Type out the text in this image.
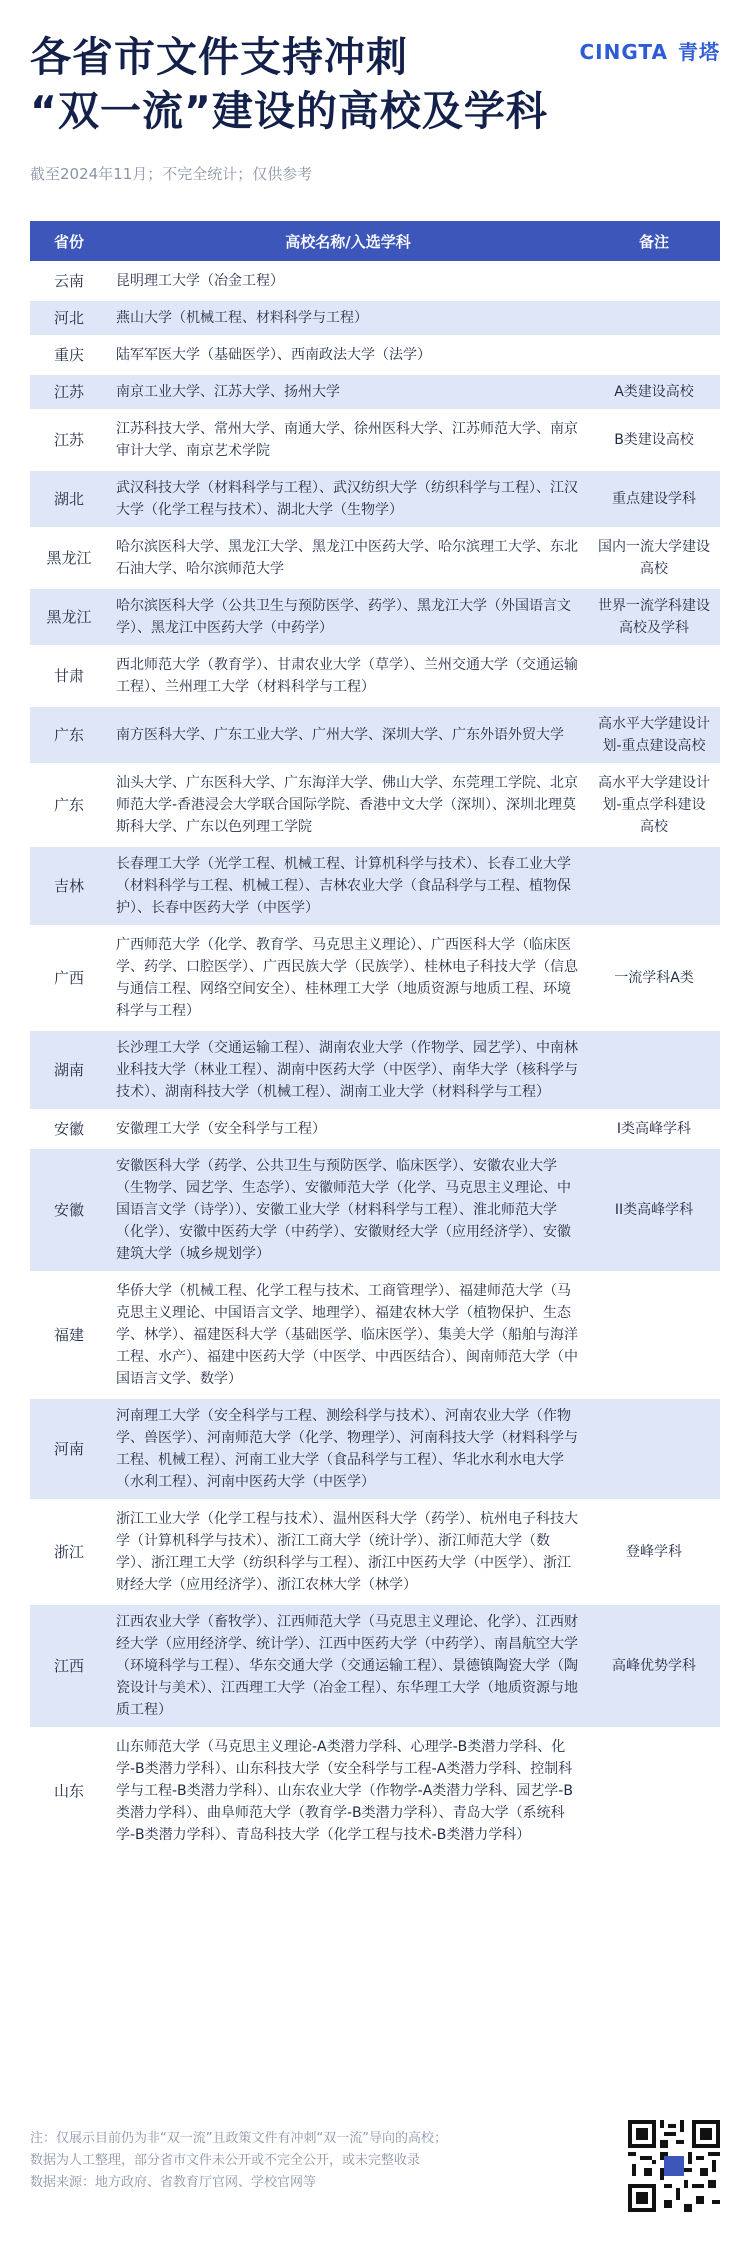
各省市文件支持冲刺
“双一流”建设的高校及学科
CINGTA 青塔
截至2024年11月；不完全统计；仅供参考
省份	高校名称/入选学科	备注
云南	昆明理工大学（冶金工程）	
河北	燕山大学（机械工程、材料科学与工程）	
重庆	陆军军医大学（基础医学）、西南政法大学（法学）	
江苏	南京工业大学、江苏大学、扬州大学	A类建设高校
江苏	江苏科技大学、常州大学、南通大学、徐州医科大学、江苏师范大学、南京审计大学、南京艺术学院	B类建设高校
湖北	武汉科技大学（材料科学与工程）、武汉纺织大学（纺织科学与工程）、江汉大学（化学工程与技术）、湖北大学（生物学）	重点建设学科
黑龙江	哈尔滨医科大学、黑龙江大学、黑龙江中医药大学、哈尔滨理工大学、东北石油大学、哈尔滨师范大学	国内一流大学建设高校
黑龙江	哈尔滨医科大学（公共卫生与预防医学、药学）、黑龙江大学（外国语言文学）、黑龙江中医药大学（中药学）	世界一流学科建设高校及学科
甘肃	西北师范大学（教育学）、甘肃农业大学（草学）、兰州交通大学（交通运输工程）、兰州理工大学（材料科学与工程）	
广东	南方医科大学、广东工业大学、广州大学、深圳大学、广东外语外贸大学	高水平大学建设计划-重点建设高校
广东	汕头大学、广东医科大学、广东海洋大学、佛山大学、东莞理工学院、北京师范大学-香港浸会大学联合国际学院、香港中文大学（深圳）、深圳北理莫斯科大学、广东以色列理工学院	高水平大学建设计划-重点学科建设高校
吉林	长春理工大学（光学工程、机械工程、计算机科学与技术）、长春工业大学（材料科学与工程、机械工程）、吉林农业大学（食品科学与工程、植物保护）、长春中医药大学（中医学）	
广西	广西师范大学（化学、教育学、马克思主义理论）、广西医科大学（临床医学、药学、口腔医学）、广西民族大学（民族学）、桂林电子科技大学（信息与通信工程、网络空间安全）、桂林理工大学（地质资源与地质工程、环境科学与工程）	一流学科A类
湖南	长沙理工大学（交通运输工程）、湖南农业大学（作物学、园艺学）、中南林业科技大学（林业工程）、湖南中医药大学（中医学）、南华大学（核科学与技术）、湖南科技大学（机械工程）、湖南工业大学（材料科学与工程）	
安徽	安徽理工大学（安全科学与工程）	I类高峰学科
安徽	安徽医科大学（药学、公共卫生与预防医学、临床医学）、安徽农业大学（生物学、园艺学、生态学）、安徽师范大学（化学、马克思主义理论、中国语言文学（诗学））、安徽工业大学（材料科学与工程）、淮北师范大学（化学）、安徽中医药大学（中药学）、安徽财经大学（应用经济学）、安徽建筑大学（城乡规划学）	II类高峰学科
福建	华侨大学（机械工程、化学工程与技术、工商管理学）、福建师范大学（马克思主义理论、中国语言文学、地理学）、福建农林大学（植物保护、生态学、林学）、福建医科大学（基础医学、临床医学）、集美大学（船舶与海洋工程、水产）、福建中医药大学（中医学、中西医结合）、闽南师范大学（中国语言文学、数学）	
河南	河南理工大学（安全科学与工程、测绘科学与技术）、河南农业大学（作物学、兽医学）、河南师范大学（化学、物理学）、河南科技大学（材料科学与工程、机械工程）、河南工业大学（食品科学与工程）、华北水利水电大学（水利工程）、河南中医药大学（中医学）	
浙江	浙江工业大学（化学工程与技术）、温州医科大学（药学）、杭州电子科技大学（计算机科学与技术）、浙江工商大学（统计学）、浙江师范大学（数学）、浙江理工大学（纺织科学与工程）、浙江中医药大学（中医学）、浙江财经大学（应用经济学）、浙江农林大学（林学）	登峰学科
江西	江西农业大学（畜牧学）、江西师范大学（马克思主义理论、化学）、江西财经大学（应用经济学、统计学）、江西中医药大学（中药学）、南昌航空大学（环境科学与工程）、华东交通大学（交通运输工程）、景德镇陶瓷大学（陶瓷设计与美术）、江西理工大学（冶金工程）、东华理工大学（地质资源与地质工程）	高峰优势学科
山东	山东师范大学（马克思主义理论-A类潜力学科、心理学-B类潜力学科、化学-B类潜力学科）、山东科技大学（安全科学与工程-A类潜力学科、控制科学与工程-B类潜力学科）、山东农业大学（作物学-A类潜力学科、园艺学-B类潜力学科）、曲阜师范大学（教育学-B类潜力学科）、青岛大学（系统科学-B类潜力学科）、青岛科技大学（化学工程与技术-B类潜力学科）	
注：仅展示目前仍为非“双一流”且政策文件有冲刺“双一流”导向的高校；
数据为人工整理，部分省市文件未公开或不完全公开，或未完整收录
数据来源：地方政府、省教育厅官网、学校官网等
